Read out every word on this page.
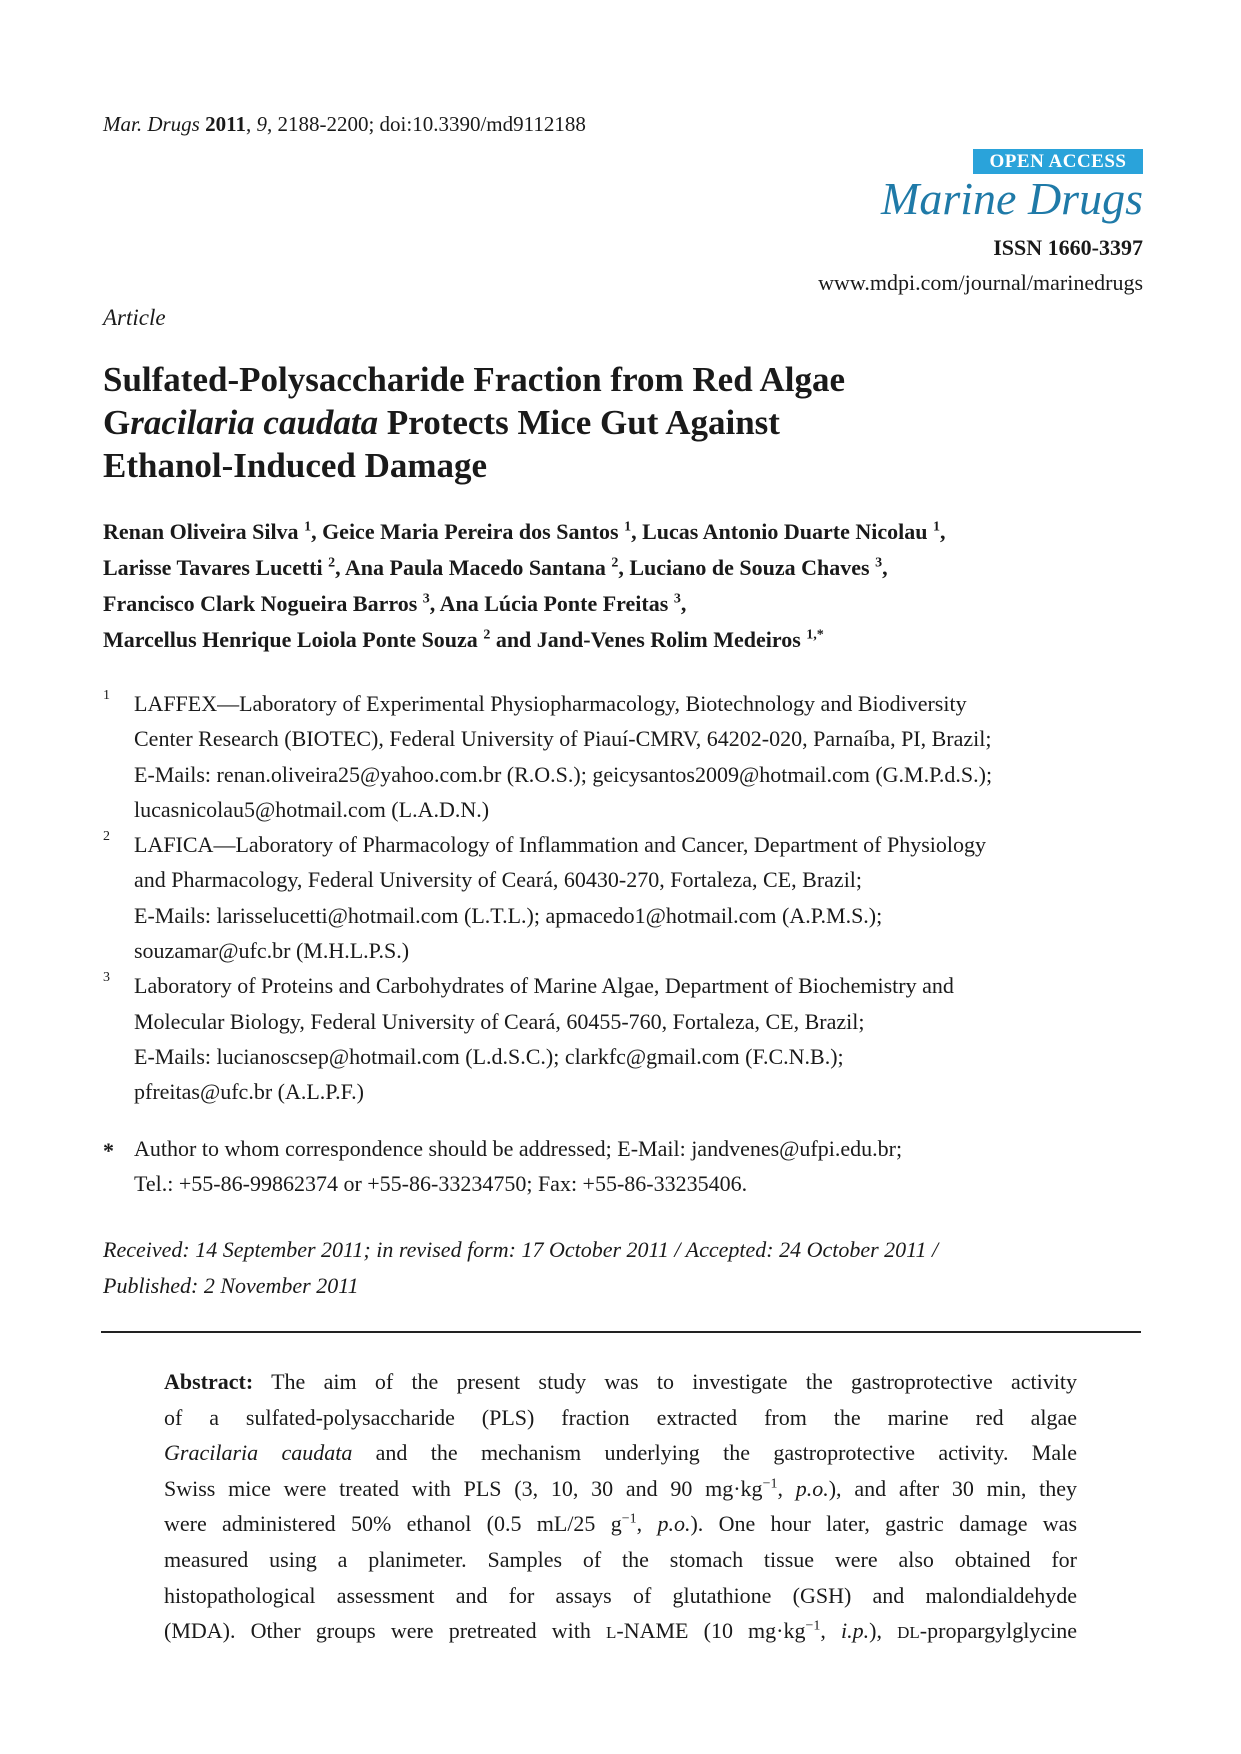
Mar. Drugs 2011, 9, 2188-2200; doi:10.3390/md9112188
OPEN ACCESS
Marine Drugs
ISSN 1660-3397
www.mdpi.com/journal/marinedrugs
Article
Sulfated-Polysaccharide Fraction from Red Algae
Gracilaria caudata Protects Mice Gut Against
Ethanol-Induced Damage
Renan Oliveira Silva $^1$, Geice Maria Pereira dos Santos $^1$, Lucas Antonio Duarte Nicolau $^1$,
Larisse Tavares Lucetti $^2$, Ana Paula Macedo Santana $^2$, Luciano de Souza Chaves $^3$,
Francisco Clark Nogueira Barros $^3$, Ana Lúcia Ponte Freitas $^3$,
Marcellus Henrique Loiola Ponte Souza $^2$ and Jand-Venes Rolim Medeiros $^{1,*}$
1 LAFFEX—Laboratory of Experimental Physiopharmacology, Biotechnology and Biodiversity
Center Research (BIOTEC), Federal University of Piauí-CMRV, 64202-020, Parnaíba, PI, Brazil;
E-Mails: renan.oliveira25@yahoo.com.br (R.O.S.); geicysantos2009@hotmail.com (G.M.P.d.S.);
lucasnicolau5@hotmail.com (L.A.D.N.)
2 LAFICA—Laboratory of Pharmacology of Inflammation and Cancer, Department of Physiology
and Pharmacology, Federal University of Ceará, 60430-270, Fortaleza, CE, Brazil;
E-Mails: larisselucetti@hotmail.com (L.T.L.); apmacedo1@hotmail.com (A.P.M.S.);
souzamar@ufc.br (M.H.L.P.S.)
3 Laboratory of Proteins and Carbohydrates of Marine Algae, Department of Biochemistry and
Molecular Biology, Federal University of Ceará, 60455-760, Fortaleza, CE, Brazil;
E-Mails: lucianoscsep@hotmail.com (L.d.S.C.); clarkfc@gmail.com (F.C.N.B.);
pfreitas@ufc.br (A.L.P.F.)
* Author to whom correspondence should be addressed; E-Mail: jandvenes@ufpi.edu.br;
Tel.: +55-86-99862374 or +55-86-33234750; Fax: +55-86-33235406.
Received: 14 September 2011; in revised form: 17 October 2011 / Accepted: 24 October 2011 /
Published: 2 November 2011
Abstract: The aim of the present study was to investigate the gastroprotective activity
of a sulfated-polysaccharide (PLS) fraction extracted from the marine red algae
Gracilaria caudata and the mechanism underlying the gastroprotective activity. Male
Swiss mice were treated with PLS (3, 10, 30 and 90 $mg\cdot kg^{-1}$, p.o.), and after 30 min, they
were administered 50% ethanol (0.5 mL/25 $g^{-1}$, p.o.). One hour later, gastric damage was
measured using a planimeter. Samples of the stomach tissue were also obtained for
histopathological assessment and for assays of glutathione (GSH) and malondialdehyde
(MDA). Other groups were pretreated with L-NAME (10 $mg\cdot kg^{-1}$, i.p.), DL-propargylglycine
